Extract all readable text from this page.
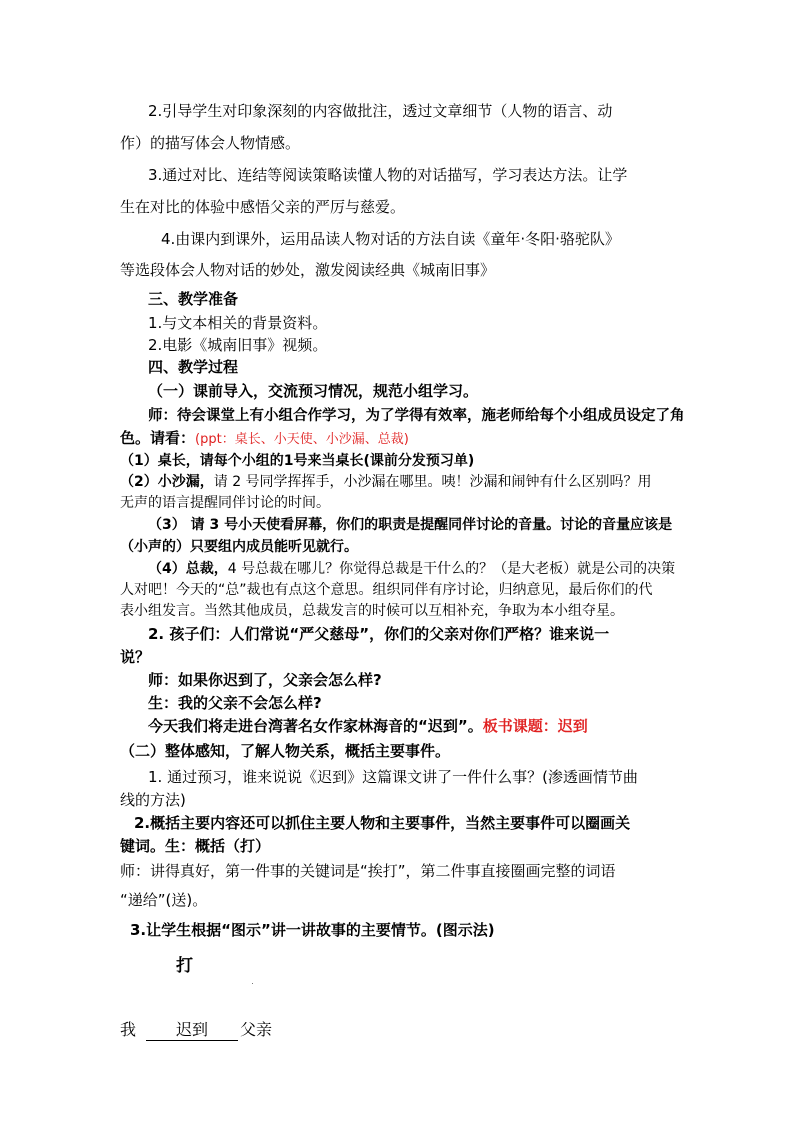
2.引导学生对印象深刻的内容做批注，透过文章细节（人物的语言、动
作）的描写体会人物情感。
3.通过对比、连结等阅读策略读懂人物的对话描写，学习表达方法。让学
生在对比的体验中感悟父亲的严厉与慈爱。
4.由课内到课外，运用品读人物对话的方法自读《童年·冬阳·骆驼队》
等选段体会人物对话的妙处，激发阅读经典《城南旧事》
三、教学准备
1.与文本相关的背景资料。
2.电影《城南旧事》视频。
四、教学过程
（一）课前导入，交流预习情况，规范小组学习。
师：待会课堂上有小组合作学习，为了学得有效率，施老师给每个小组成员设定了角
色。请看：(ppt：桌长、小天使、小沙漏、总裁)
（1）桌长，请每个小组的1号来当桌长(课前分发预习单)
（2）小沙漏，请 2 号同学挥挥手，小沙漏在哪里。咦！沙漏和闹钟有什么区别吗？用
无声的语言提醒同伴讨论的时间。
（3） 请 3 号小天使看屏幕，你们的职责是提醒同伴讨论的音量。讨论的音量应该是
（小声的）只要组内成员能听见就行。
（4）总裁，4 号总裁在哪儿？你觉得总裁是干什么的？（是大老板）就是公司的决策
人对吧！今天的“总”裁也有点这个意思。组织同伴有序讨论，归纳意见，最后你们的代
表小组发言。当然其他成员，总裁发言的时候可以互相补充，争取为本小组夺星。
2. 孩子们：人们常说“严父慈母”，你们的父亲对你们严格？谁来说一
说？
师：如果你迟到了，父亲会怎么样?
生：我的父亲不会怎么样?
今天我们将走进台湾著名女作家林海音的“迟到”。板书课题：迟到
（二）整体感知，了解人物关系，概括主要事件。
1. 通过预习，谁来说说《迟到》这篇课文讲了一件什么事？(渗透画情节曲
线的方法)
2.概括主要内容还可以抓住主要人物和主要事件，当然主要事件可以圈画关
键词。生：概括（打）
师：讲得真好，第一件事的关键词是“挨打”，第二件事直接圈画完整的词语
“递给”(送)。
3.让学生根据“图示”讲一讲故事的主要情节。(图示法)
打
我 迟到 父亲
